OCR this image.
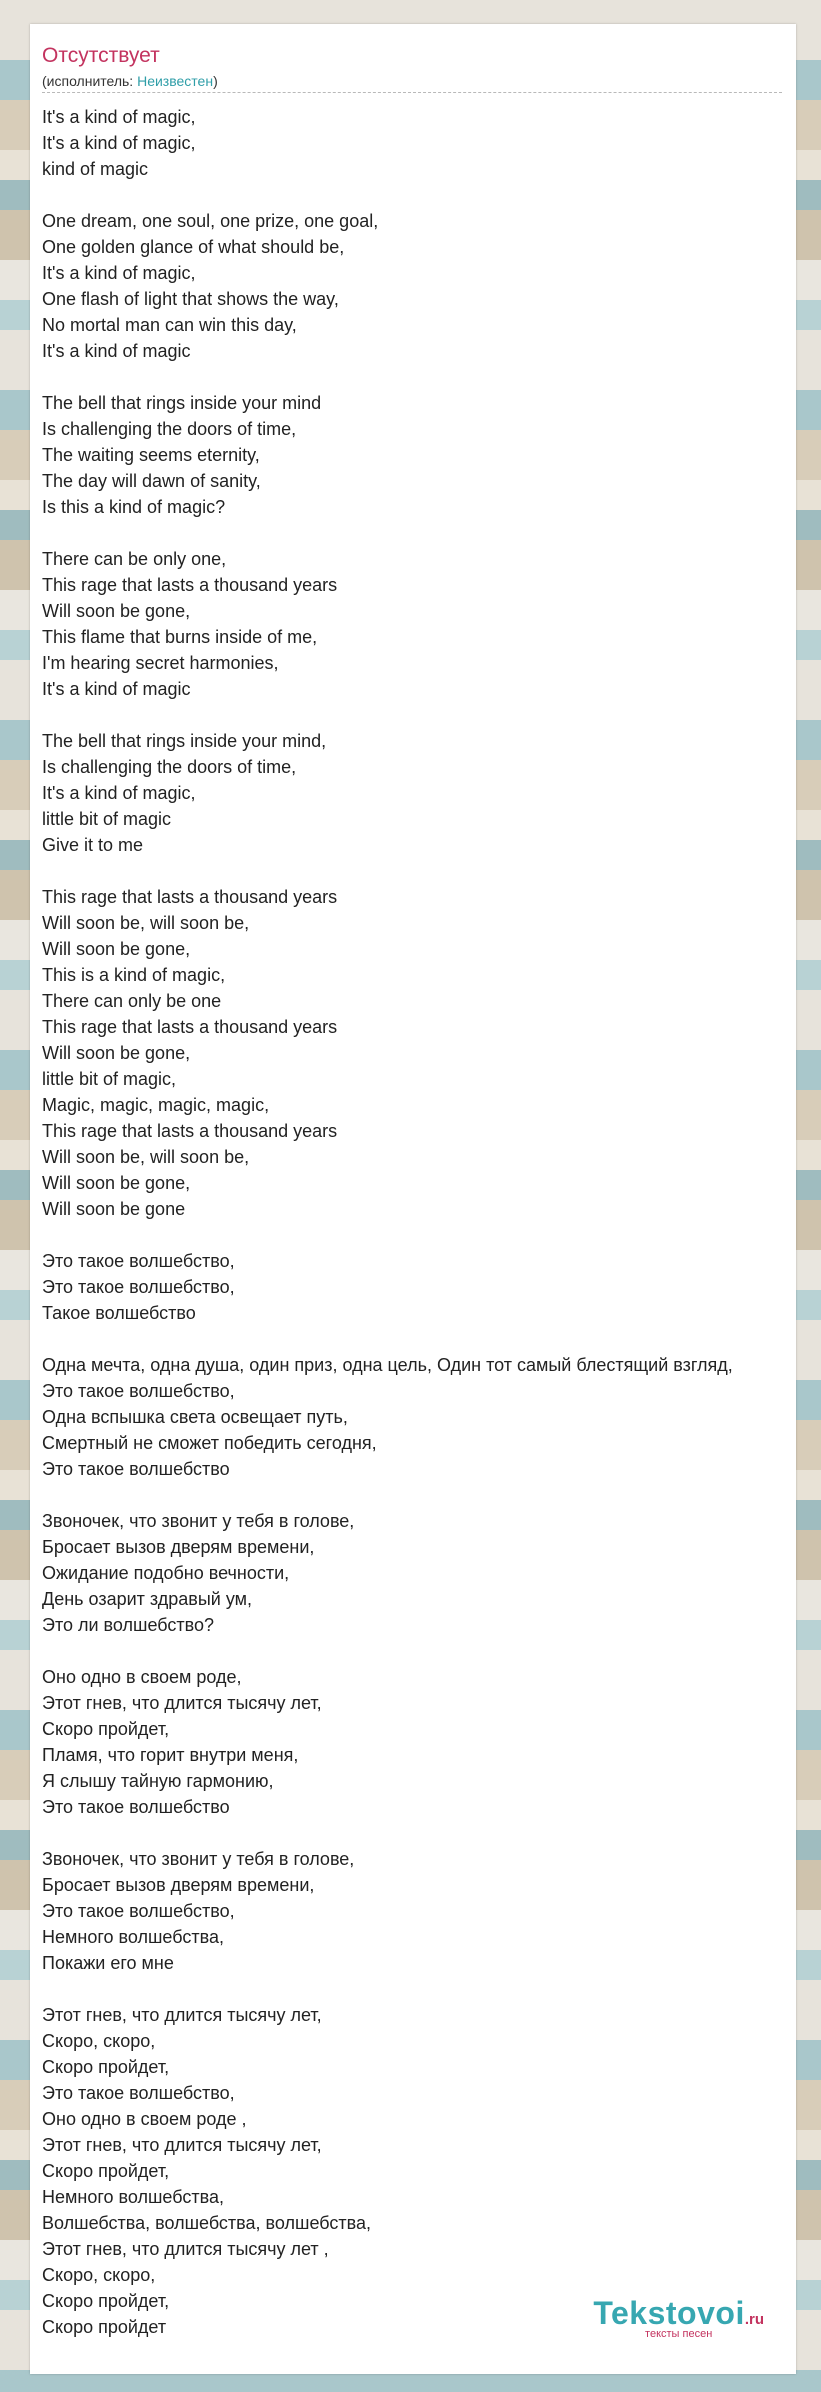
Отсутствует
(исполнитель: Неизвестен)
It's a kind of magic,
It's a kind of magic,
kind of magic
One dream, one soul, one prize, one goal,
One golden glance of what should be,
It's a kind of magic,
One flash of light that shows the way,
No mortal man can win this day,
It's a kind of magic
The bell that rings inside your mind
Is challenging the doors of time,
The waiting seems eternity,
The day will dawn of sanity,
Is this a kind of magic?
There can be only one,
This rage that lasts a thousand years
Will soon be gone,
This flame that burns inside of me,
I'm hearing secret harmonies,
It's a kind of magic
The bell that rings inside your mind,
Is challenging the doors of time,
It's a kind of magic,
little bit of magic
Give it to me
This rage that lasts a thousand years
Will soon be, will soon be,
Will soon be gone,
This is a kind of magic,
There can only be one
This rage that lasts a thousand years
Will soon be gone,
little bit of magic,
Magic, magic, magic, magic,
This rage that lasts a thousand years
Will soon be, will soon be,
Will soon be gone,
Will soon be gone
Это такое волшебство,
Это такое волшебство,
Такое волшебство
Одна мечта, одна душа, один приз, одна цель, Один тот самый блестящий взгляд,
Это такое волшебство,
Одна вспышка света освещает путь,
Смертный не сможет победить сегодня,
Это такое волшебство
Звоночек, что звонит у тебя в голове,
Бросает вызов дверям времени,
Ожидание подобно вечности,
День озарит здравый ум,
Это ли волшебство?
Оно одно в своем роде,
Этот гнев, что длится тысячу лет,
Скоро пройдет,
Пламя, что горит внутри меня,
Я слышу тайную гармонию,
Это такое волшебство
Звоночек, что звонит у тебя в голове,
Бросает вызов дверям времени,
Это такое волшебство,
Немного волшебства,
Покажи его мне
Этот гнев, что длится тысячу лет,
Скоро, скоро,
Скоро пройдет,
Это такое волшебство,
Оно одно в своем роде ,
Этот гнев, что длится тысячу лет,
Скоро пройдет,
Немного волшебства,
Волшебства, волшебства, волшебства,
Этот гнев, что длится тысячу лет ,
Скоро, скоро,
Скоро пройдет,
Скоро пройдет	Tekstovoi.ru
тексты песен
